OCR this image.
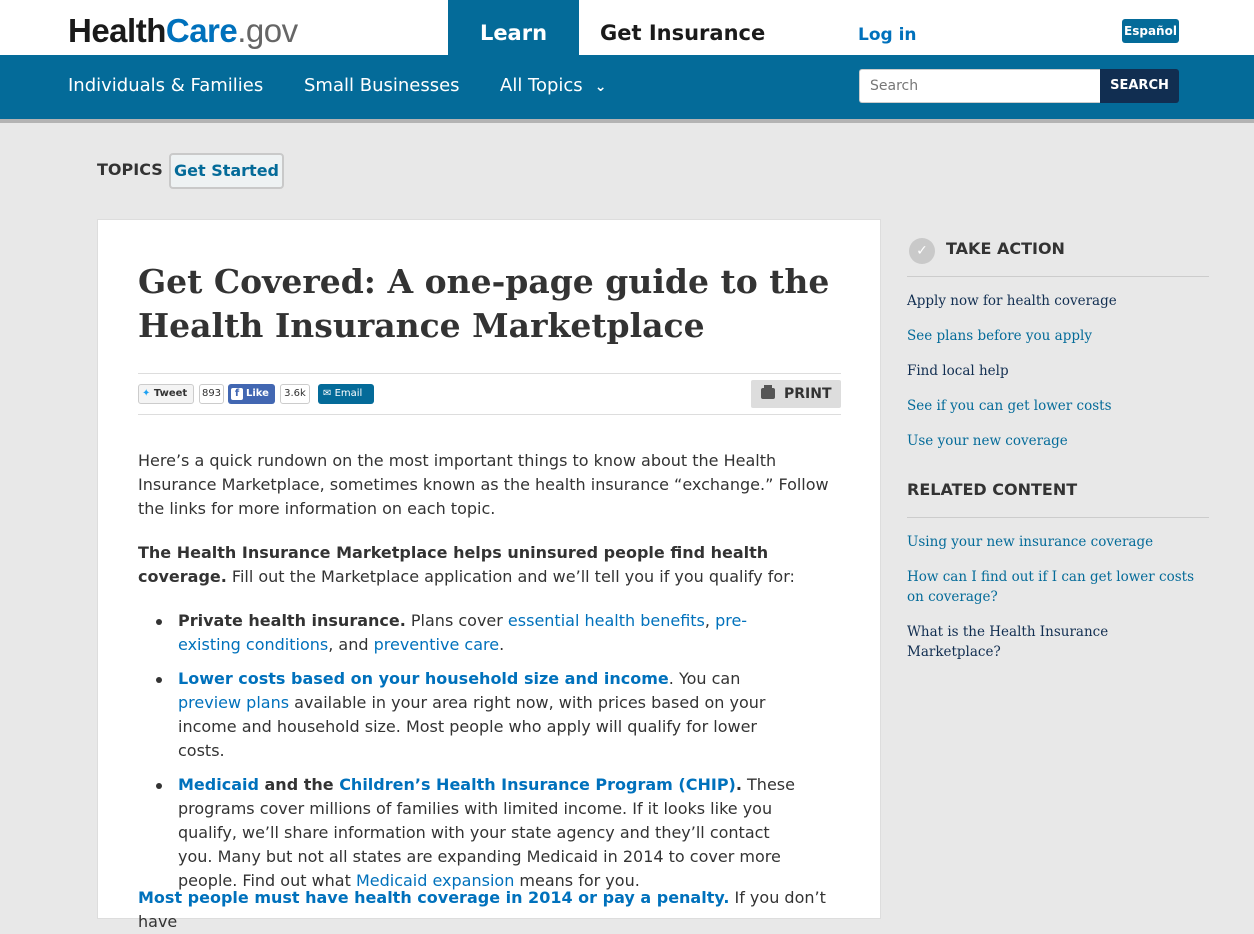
HealthCare.gov	Learn	Get Insurance	Log in	Español
Individuals & Families Small Businesses All Topics ⌄
Search	SEARCH
TOPICS Get Started
Get Covered: A one-page guide to the Health Insurance Marketplace
✦ Tweet	893	f Like	3.6k	✉ Email	PRINT

Here’s a quick rundown on the most important things to know about the Health Insurance Marketplace, sometimes known as the health insurance “exchange.” Follow the links for more information on each topic.

The Health Insurance Marketplace helps uninsured people find health coverage. Fill out the Marketplace application and we’ll tell you if you qualify for:

Private health insurance. Plans cover essential health benefits, pre-existing conditions, and preventive care.
Lower costs based on your household size and income. You can preview plans available in your area right now, with prices based on your income and household size. Most people who apply will qualify for lower costs.
Medicaid and the Children’s Health Insurance Program (CHIP). These programs cover millions of families with limited income. If it looks like you qualify, we’ll share information with your state agency and they’ll contact you. Many but not all states are expanding Medicaid in 2014 to cover more people. Find out what Medicaid expansion means for you.

Most people must have health coverage in 2014 or pay a penalty. If you don’t have

✓	TAKE ACTION
Apply now for health coverage
See plans before you apply
Find local help
See if you can get lower costs
Use your new coverage
RELATED CONTENT
Using your new insurance coverage
How can I find out if I can get lower costs on coverage?
What is the Health Insurance Marketplace?
